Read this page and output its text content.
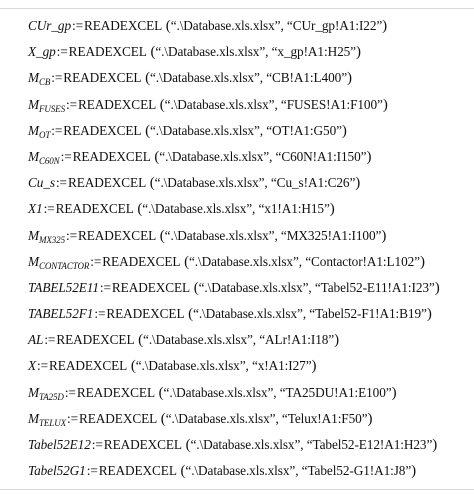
CUr_gp:=READEXCEL (“.\Database.xls.xlsx”, “CUr_gp!A1:I22”)
X_gp:=READEXCEL (“.\Database.xls.xlsx”, “x_gp!A1:H25”)
$M_{CB}:=READEXCEL$ (“.\Database.xls.xlsx”, “CB!A1:L400”)
$M_{FUSES}:=READEXCEL$ (“.\Database.xls.xlsx”, “FUSES!A1:F100”)
$M_{OT}:=READEXCEL$ (“.\Database.xls.xlsx”, “OT!A1:G50”)
$M_{C60N}:=READEXCEL$ (“.\Database.xls.xlsx”, “C60N!A1:I150”)
Cu_s:=READEXCEL (“.\Database.xls.xlsx”, “Cu_s!A1:C26”)
X1:=READEXCEL (“.\Database.xls.xlsx”, “x1!A1:H15”)
$M_{MX325}:=READEXCEL$ (“.\Database.xls.xlsx”, “MX325!A1:I100”)
$M_{CONTACTOR}:=READEXCEL$ (“.\Database.xls.xlsx”, “Contactor!A1:L102”)
TABEL52E11:=READEXCEL (“.\Database.xls.xlsx”, “Tabel52-E11!A1:I23”)
TABEL52F1:=READEXCEL (“.\Database.xls.xlsx”, “Tabel52-F1!A1:B19”)
AL:=READEXCEL (“.\Database.xls.xlsx”, “ALr!A1:I18”)
X:=READEXCEL (“.\Database.xls.xlsx”, “x!A1:I27”)
$M_{TA25D}:=READEXCEL$ (“.\Database.xls.xlsx”, “TA25DU!A1:E100”)
$M_{TELUX}:=READEXCEL$ (“.\Database.xls.xlsx”, “Telux!A1:F50”)
Tabel52E12:=READEXCEL (“.\Database.xls.xlsx”, “Tabel52-E12!A1:H23”)
Tabel52G1:=READEXCEL (“.\Database.xls.xlsx”, “Tabel52-G1!A1:J8”)
